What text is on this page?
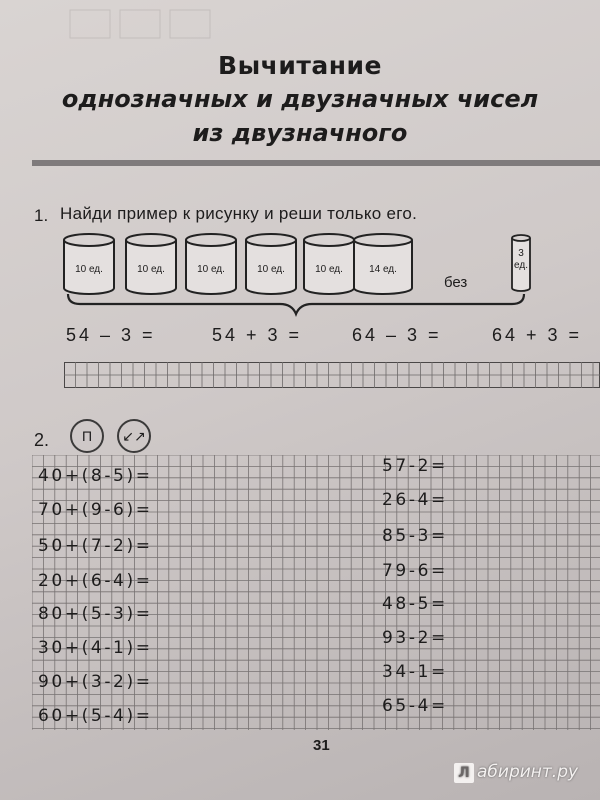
Вычитание
однозначных и двузначных чисел
из двузначного
1. Найди пример к рисунку и реши только его.
10 ед.	10 ед.	10 ед.	10 ед.	10 ед.	14 ед.
3
ед.
без
54 – 3 =	54 + 3 =	64 – 3 =	64 + 3 =
2.	П	↙↗
40+(8-5)=
70+(9-6)=
50+(7-2)=
20+(6-4)=
80+(5-3)=
30+(4-1)=
90+(3-2)=
60+(5-4)=
57-2=
26-4=
85-3=
79-6=
48-5=
93-2=
34-1=
65-4=
31
Л абиринт.ру
